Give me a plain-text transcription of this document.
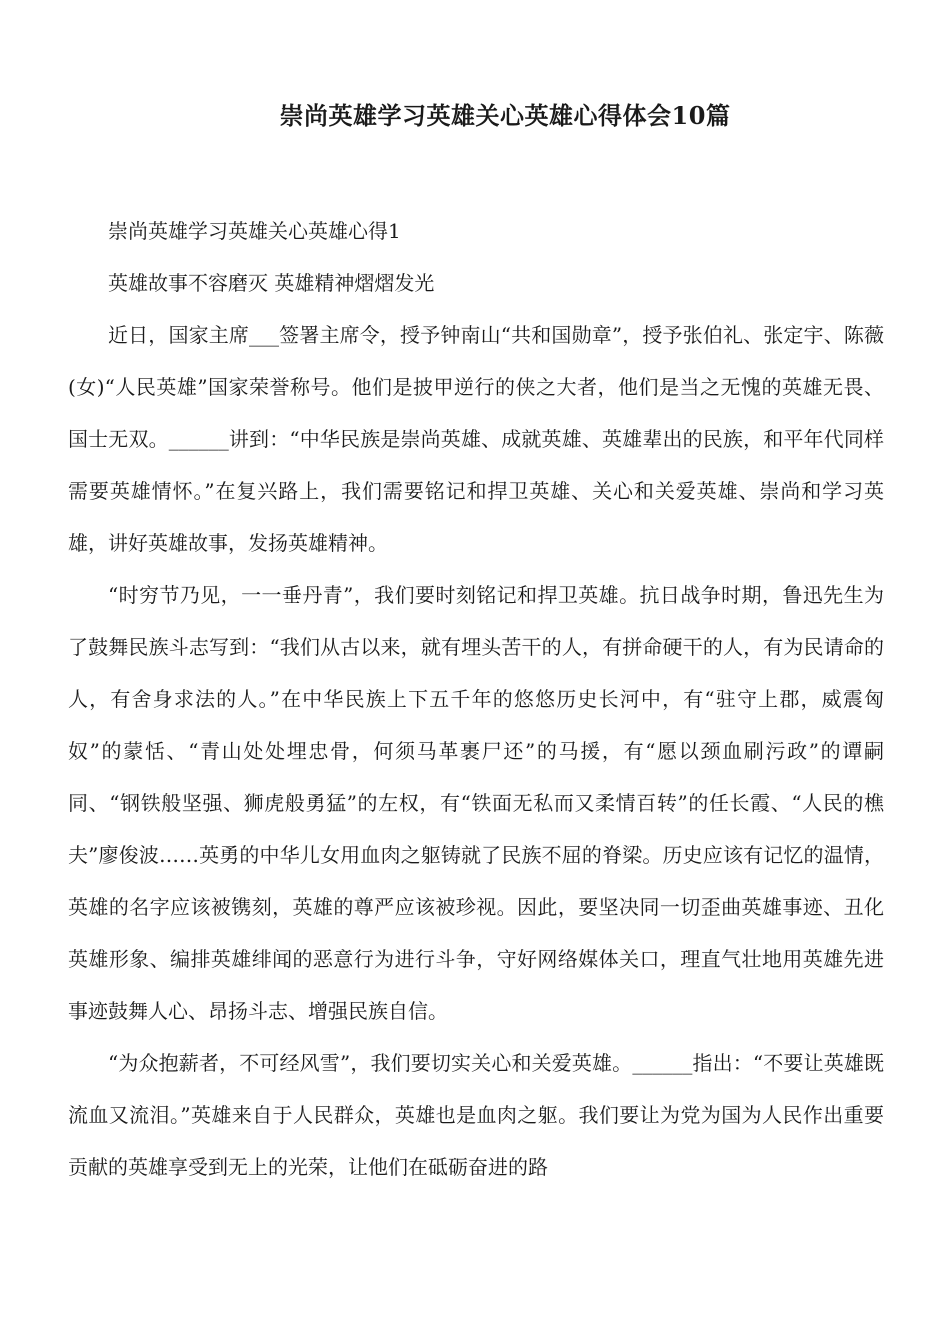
崇尚英雄学习英雄关心英雄心得体会10篇

崇尚英雄学习英雄关心英雄心得1

英雄故事不容磨灭 英雄精神熠熠发光

近日，国家主席___签署主席令，授予钟南山“共和国勋章”，授予张伯礼、张定宇、陈薇(女)“人民英雄”国家荣誉称号。他们是披甲逆行的侠之大者，他们是当之无愧的英雄无畏、国士无双。______讲到：“中华民族是崇尚英雄、成就英雄、英雄辈出的民族，和平年代同样需要英雄情怀。”在复兴路上，我们需要铭记和捍卫英雄、关心和关爱英雄、崇尚和学习英雄，讲好英雄故事，发扬英雄精神。

“时穷节乃见，一一垂丹青”，我们要时刻铭记和捍卫英雄。抗日战争时期，鲁迅先生为了鼓舞民族斗志写到：“我们从古以来，就有埋头苦干的人，有拼命硬干的人，有为民请命的人，有舍身求法的人。”在中华民族上下五千年的悠悠历史长河中，有“驻守上郡，威震匈奴”的蒙恬、“青山处处埋忠骨，何须马革裹尸还”的马援，有“愿以颈血刷污政”的谭嗣同、“钢铁般坚强、狮虎般勇猛”的左权，有“铁面无私而又柔情百转”的任长霞、“人民的樵夫”廖俊波……英勇的中华儿女用血肉之躯铸就了民族不屈的脊梁。历史应该有记忆的温情，英雄的名字应该被镌刻，英雄的尊严应该被珍视。因此，要坚决同一切歪曲英雄事迹、丑化英雄形象、编排英雄绯闻的恶意行为进行斗争，守好网络媒体关口，理直气壮地用英雄先进事迹鼓舞人心、昂扬斗志、增强民族自信。

“为众抱薪者，不可经风雪”，我们要切实关心和关爱英雄。______指出：“不要让英雄既流血又流泪。”英雄来自于人民群众，英雄也是血肉之躯。我们要让为党为国为人民作出重要贡献的英雄享受到无上的光荣，让他们在砥砺奋进的路
